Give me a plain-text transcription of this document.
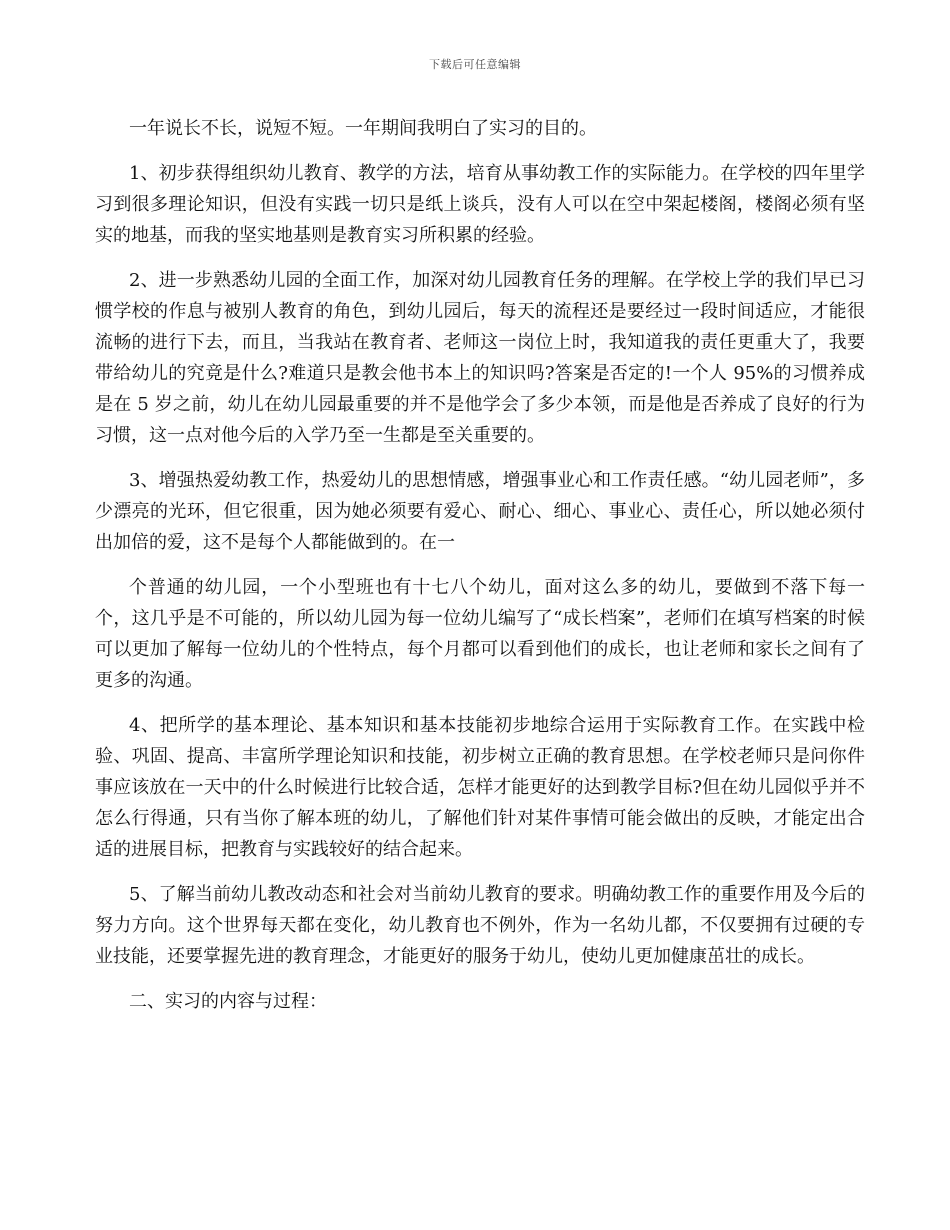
下载后可任意编辑

一年说长不长，说短不短。一年期间我明白了实习的目的。

1、初步获得组织幼儿教育、教学的方法，培育从事幼教工作的实际能力。在学校的四年里学习到很多理论知识，但没有实践一切只是纸上谈兵，没有人可以在空中架起楼阁，楼阁必须有坚实的地基，而我的坚实地基则是教育实习所积累的经验。

2、进一步熟悉幼儿园的全面工作，加深对幼儿园教育任务的理解。在学校上学的我们早已习惯学校的作息与被别人教育的角色，到幼儿园后，每天的流程还是要经过一段时间适应，才能很流畅的进行下去，而且，当我站在教育者、老师这一岗位上时，我知道我的责任更重大了，我要带给幼儿的究竟是什么?难道只是教会他书本上的知识吗?答案是否定的!一个人 95%的习惯养成是在 5 岁之前，幼儿在幼儿园最重要的并不是他学会了多少本领，而是他是否养成了良好的行为习惯，这一点对他今后的入学乃至一生都是至关重要的。

3、增强热爱幼教工作，热爱幼儿的思想情感，增强事业心和工作责任感。“幼儿园老师”，多少漂亮的光环，但它很重，因为她必须要有爱心、耐心、细心、事业心、责任心，所以她必须付出加倍的爱，这不是每个人都能做到的。在一

个普通的幼儿园，一个小型班也有十七八个幼儿，面对这么多的幼儿，要做到不落下每一个，这几乎是不可能的，所以幼儿园为每一位幼儿编写了“成长档案”，老师们在填写档案的时候可以更加了解每一位幼儿的个性特点，每个月都可以看到他们的成长，也让老师和家长之间有了更多的沟通。

4、把所学的基本理论、基本知识和基本技能初步地综合运用于实际教育工作。在实践中检验、巩固、提高、丰富所学理论知识和技能，初步树立正确的教育思想。在学校老师只是问你件事应该放在一天中的什么时候进行比较合适，怎样才能更好的达到教学目标?但在幼儿园似乎并不怎么行得通，只有当你了解本班的幼儿，了解他们针对某件事情可能会做出的反映，才能定出合适的进展目标，把教育与实践较好的结合起来。

5、了解当前幼儿教改动态和社会对当前幼儿教育的要求。明确幼教工作的重要作用及今后的努力方向。这个世界每天都在变化，幼儿教育也不例外，作为一名幼儿都，不仅要拥有过硬的专业技能，还要掌握先进的教育理念，才能更好的服务于幼儿，使幼儿更加健康茁壮的成长。

二、实习的内容与过程：
